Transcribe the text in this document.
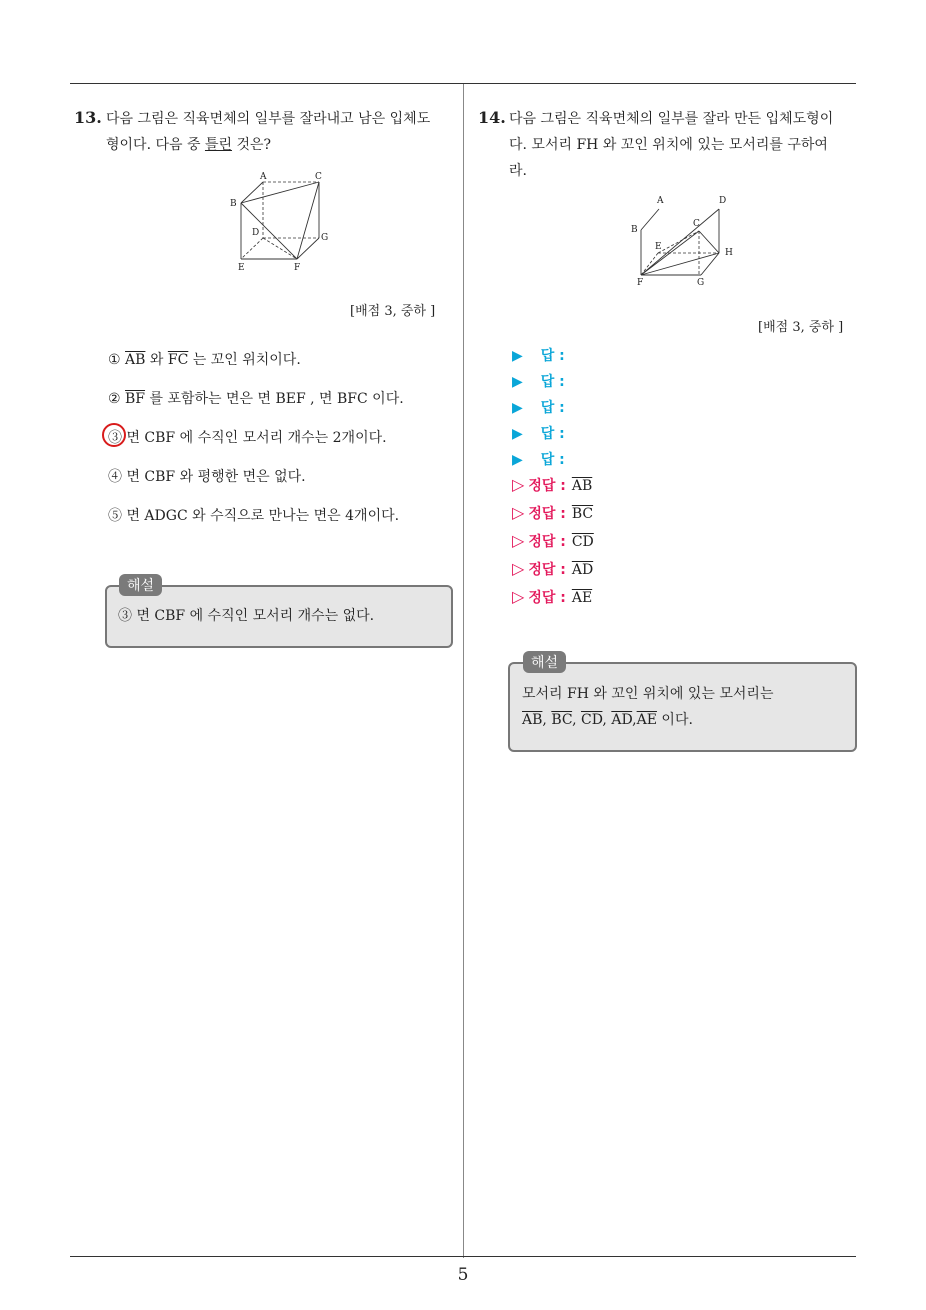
5
13. 다음 그림은 직육면체의 일부를 잘라내고 남은 입체도
형이다. 다음 중 틀린 것은?
A	C
B
D	G
E	F
[배점 3, 중하 ]
① $\overline{AB}$ 와 $\overline{FC}$ 는 꼬인 위치이다.
② $\overline{BF}$ 를 포함하는 면은 면 BEF , 면 BFC 이다.
③ 면 CBF 에 수직인 모서리 개수는 2개이다.
④ 면 CBF 와 평행한 면은 없다.
⑤ 면 ADGC 와 수직으로 만나는 면은 4개이다.
해설
③ 면 CBF 에 수직인 모서리 개수는 없다.
14. 다음 그림은 직육면체의 일부를 잘라 만든 입체도형이
다. 모서리 FH 와 꼬인 위치에 있는 모서리를 구하여
라.
A	D
B
C
E
H
F	G
[배점 3, 중하 ]
▶ 답 :
▶ 답 :
▶ 답 :
▶ 답 :
▶ 답 :
▷ 정답 : $\overline{AB}$
▷ 정답 : $\overline{BC}$
▷ 정답 : $\overline{CD}$
▷ 정답 : $\overline{AD}$
▷ 정답 : $\overline{AE}$
해설
모서리 FH 와 꼬인 위치에 있는 모서리는
$\overline{AB}$, $\overline{BC}$, $\overline{CD}$, $\overline{AD},\overline{AE}$ 이다.
